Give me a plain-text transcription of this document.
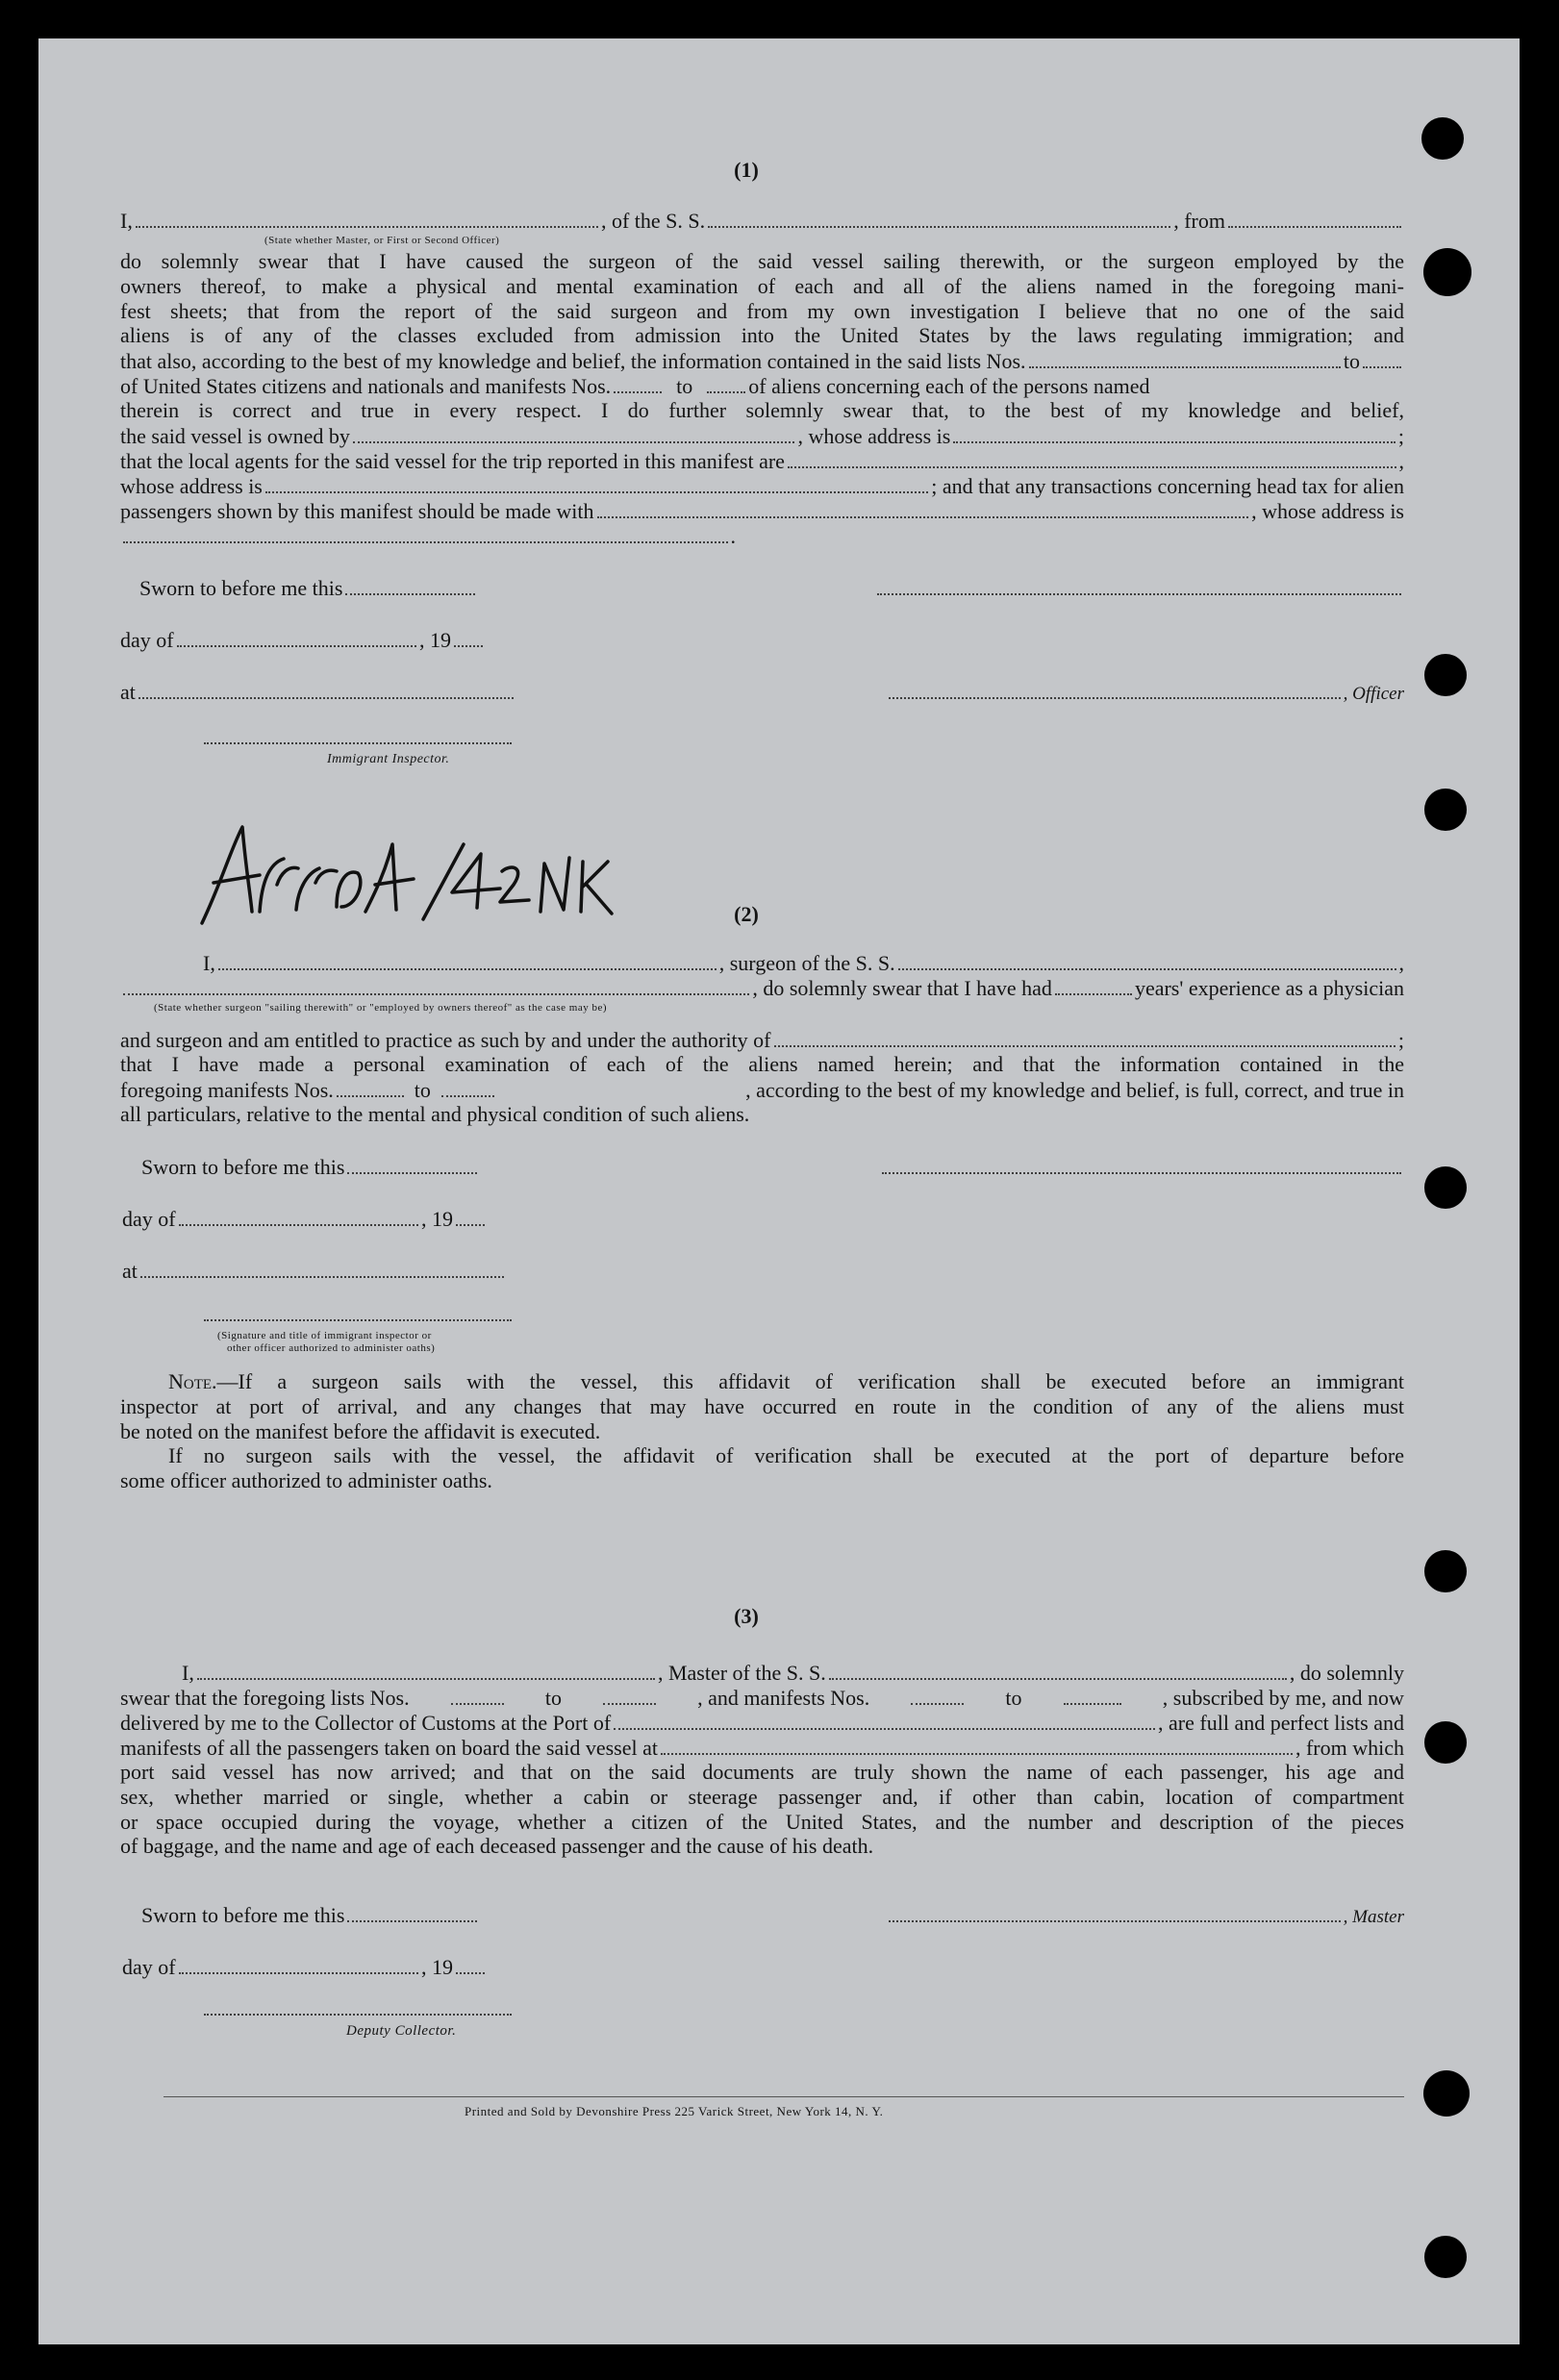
(1)
I,	, of the S. S.	, from
(State whether Master, or First or Second Officer)
do solemnly swear that I have caused the surgeon of the said vessel sailing therewith, or the surgeon employed by the
owners thereof, to make a physical and mental examination of each and all of the aliens named in the foregoing mani-
fest sheets; that from the report of the said surgeon and from my own investigation I believe that no one of the said
aliens is of any of the classes excluded from admission into the United States by the laws regulating immigration; and
that also, according to the best of my knowledge and belief, the information contained in the said lists Nos.	to
of United States citizens and nationals and manifests Nos.	to	of aliens concerning each of the persons named
therein is correct and true in every respect. I do further solemnly swear that, to the best of my knowledge and belief,
the said vessel is owned by	, whose address is	;
that the local agents for the said vessel for the trip reported in this manifest are	,
whose address is	; and that any transactions concerning head tax for alien
passengers shown by this manifest should be made with	, whose address is
.
Sworn to before me this
day of	, 19
at	, Officer
Immigrant Inspector.
(2)
I,	, surgeon of the S. S.	,
, do solemnly swear that I have had	years' experience as a physician
(State whether surgeon "sailing therewith" or "employed by owners thereof" as the case may be)
and surgeon and am entitled to practice as such by and under the authority of	;
that I have made a personal examination of each of the aliens named herein; and that the information contained in the
foregoing manifests Nos.	to	, according to the best of my knowledge and belief, is full, correct, and true in
all particulars, relative to the mental and physical condition of such aliens.
Sworn to before me this
day of	, 19
at
(Signature and title of immigrant inspector or
other officer authorized to administer oaths)
Note.—If a surgeon sails with the vessel, this affidavit of verification shall be executed before an immigrant
inspector at port of arrival, and any changes that may have occurred en route in the condition of any of the aliens must
be noted on the manifest before the affidavit is executed.
If no surgeon sails with the vessel, the affidavit of verification shall be executed at the port of departure before
some officer authorized to administer oaths.
(3)
I,	, Master of the S. S.	, do solemnly
swear that the foregoing lists Nos.	to	, and manifests Nos.	to	, subscribed by me, and now
delivered by me to the Collector of Customs at the Port of	, are full and perfect lists and
manifests of all the passengers taken on board the said vessel at	, from which
port said vessel has now arrived; and that on the said documents are truly shown the name of each passenger, his age and
sex, whether married or single, whether a cabin or steerage passenger and, if other than cabin, location of compartment
or space occupied during the voyage, whether a citizen of the United States, and the number and description of the pieces
of baggage, and the name and age of each deceased passenger and the cause of his death.
Sworn to before me this	, Master
day of	, 19
Deputy Collector.
Printed and Sold by Devonshire Press 225 Varick Street, New York 14, N. Y.
